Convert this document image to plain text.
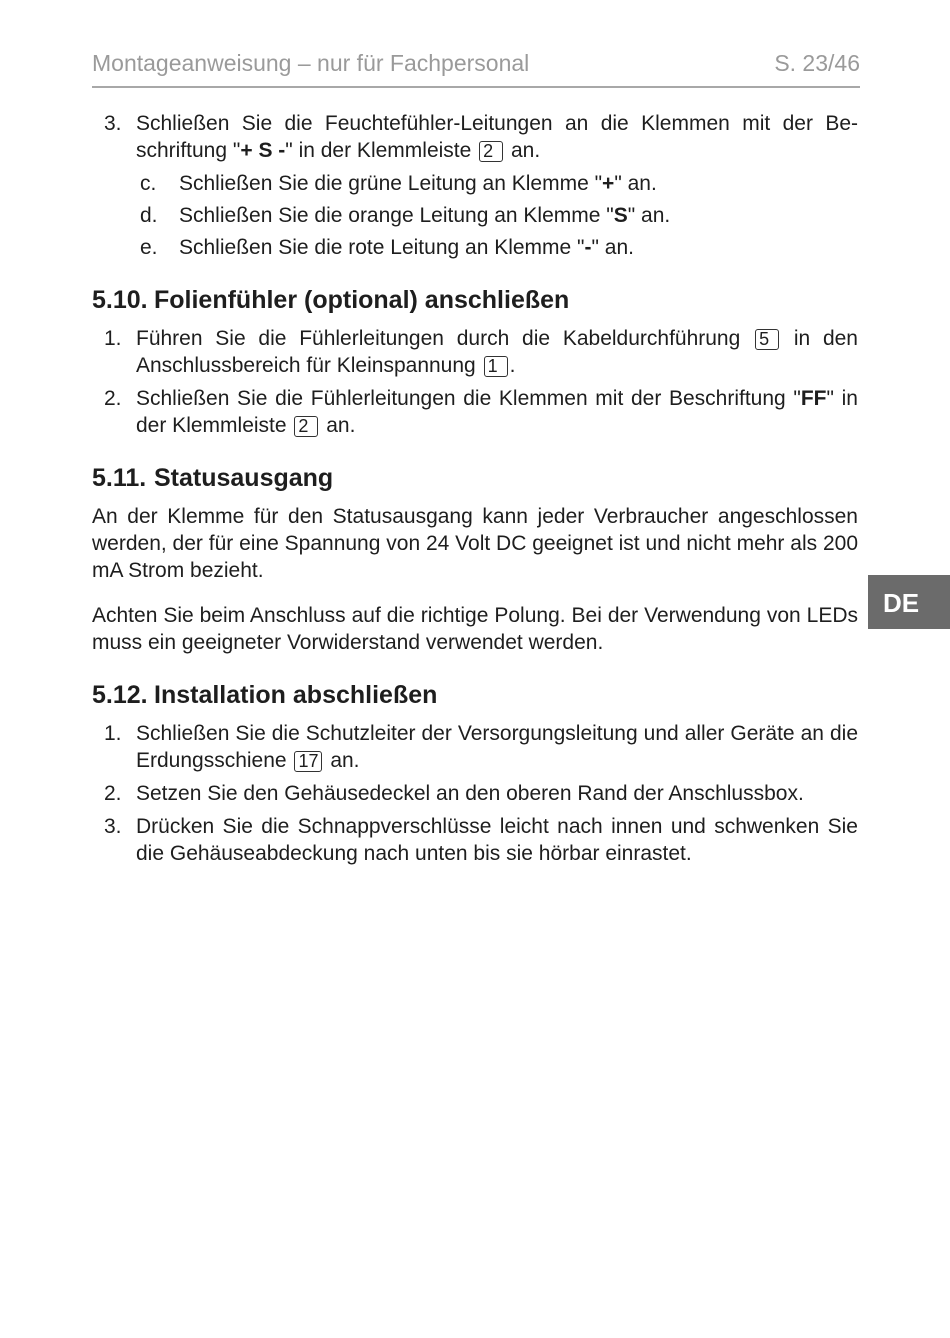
Montageanweisung – nur für Fachpersonal	S. 23/46
DE
3. Schließen Sie die Feuchtefühler-Leitungen an die Klemmen mit der Be-schriftung "+ S -" in der Klemmleiste 2 an.
c. Schließen Sie die grüne Leitung an Klemme "+" an.
d. Schließen Sie die orange Leitung an Klemme "S" an.
e. Schließen Sie die rote Leitung an Klemme "-" an.
5.10. Folienfühler (optional) anschließen
1. Führen Sie die Fühlerleitungen durch die Kabeldurchführung 5 in den Anschlussbereich für Kleinspannung 1 .
2. Schließen Sie die Fühlerleitungen die Klemmen mit der Beschriftung "FF" in der Klemmleiste 2 an.
5.11. Statusausgang

An der Klemme für den Statusausgang kann jeder Verbraucher angeschlossen werden, der für eine Spannung von 24 Volt DC geeignet ist und nicht mehr als 200 mA Strom bezieht.

Achten Sie beim Anschluss auf die richtige Polung. Bei der Verwendung von LEDs muss ein geeigneter Vorwiderstand verwendet werden.

5.12. Installation abschließen
1. Schließen Sie die Schutzleiter der Versorgungsleitung und aller Geräte an die Erdungsschiene 17 an.
2. Setzen Sie den Gehäusedeckel an den oberen Rand der Anschlussbox.
3. Drücken Sie die Schnappverschlüsse leicht nach innen und schwenken Sie die Gehäuseabdeckung nach unten bis sie hörbar einrastet.
